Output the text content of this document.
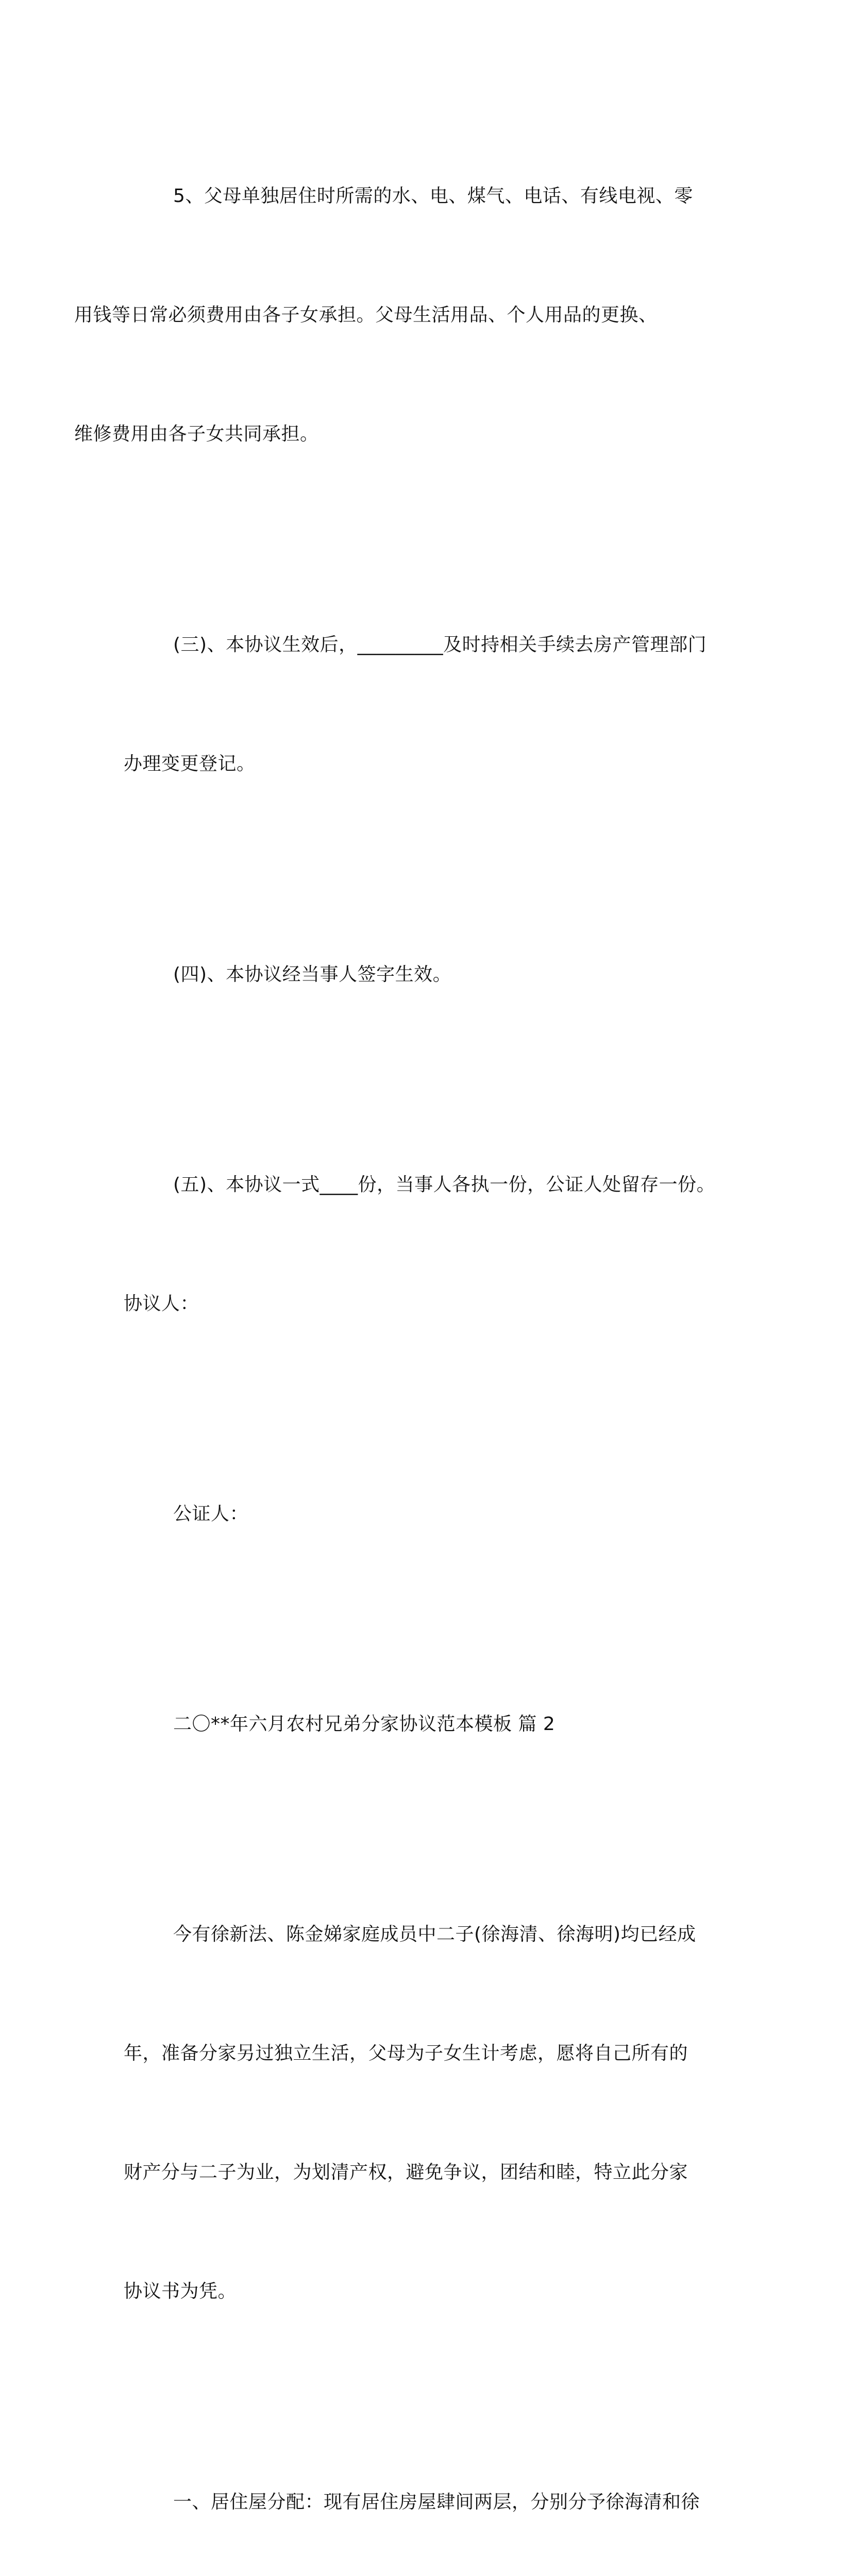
5、父母单独居住时所需的水、电、煤气、电话、有线电视、零

用钱等日常必须费用由各子女承担。父母生活用品、个人用品的更换、

维修费用由各子女共同承担。

(三)、本协议生效后，_________及时持相关手续去房产管理部门

办理变更登记。

(四)、本协议经当事人签字生效。

(五)、本协议一式____份，当事人各执一份，公证人处留存一份。

协议人：

公证人：

二〇**年六月农村兄弟分家协议范本模板 篇 2

今有徐新法、陈金娣家庭成员中二子(徐海清、徐海明)均已经成

年，准备分家另过独立生活，父母为子女生计考虑，愿将自己所有的

财产分与二子为业，为划清产权，避免争议，团结和睦，特立此分家

协议书为凭。

一、居住屋分配：现有居住房屋肆间两层，分别分予徐海清和徐
